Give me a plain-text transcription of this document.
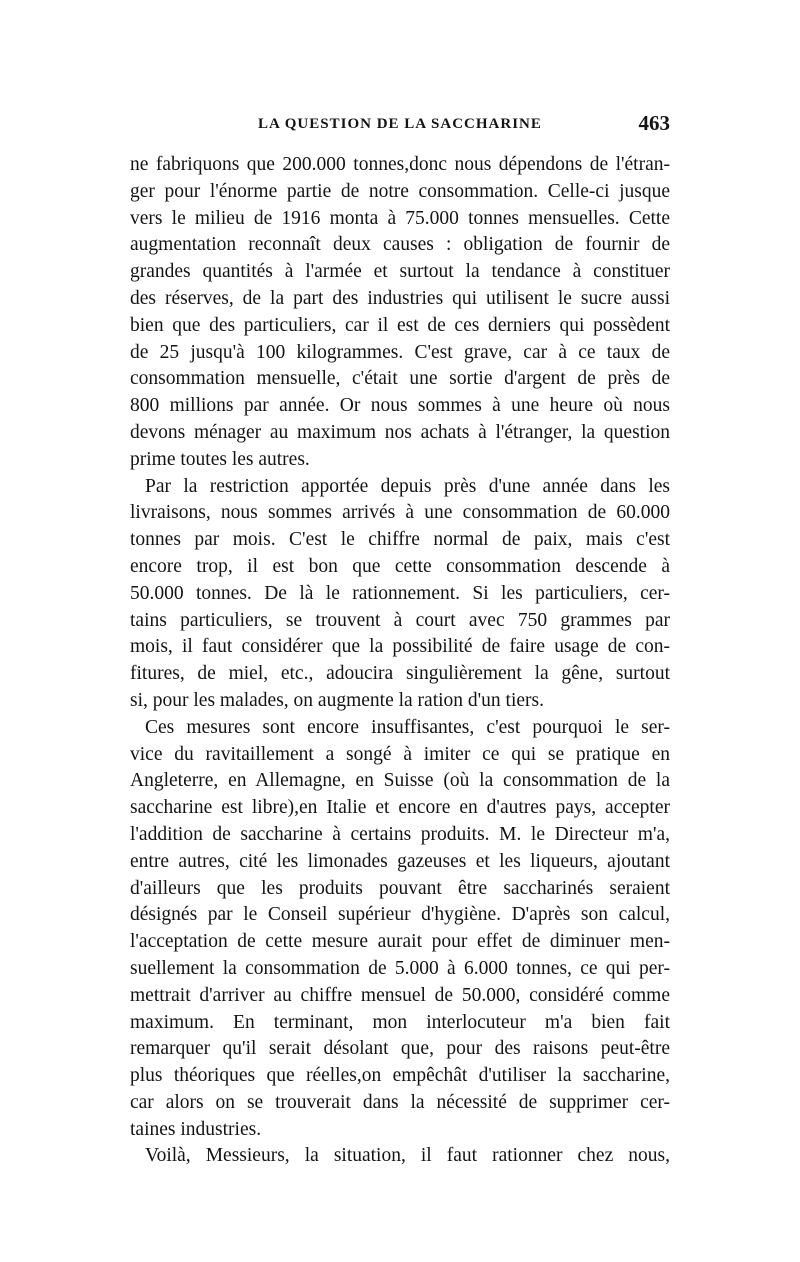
LA QUESTION DE LA SACCHARINE	463
ne fabriquons que 200.000 tonnes,donc nous dépendons de l'étran-
ger pour l'énorme partie de notre consommation. Celle-ci jusque
vers le milieu de 1916 monta à 75.000 tonnes mensuelles. Cette
augmentation reconnaît deux causes : obligation de fournir de
grandes quantités à l'armée et surtout la tendance à constituer
des réserves, de la part des industries qui utilisent le sucre aussi
bien que des particuliers, car il est de ces derniers qui possèdent
de 25 jusqu'à 100 kilogrammes. C'est grave, car à ce taux de
consommation mensuelle, c'était une sortie d'argent de près de
800 millions par année. Or nous sommes à une heure où nous
devons ménager au maximum nos achats à l'étranger, la question
prime toutes les autres.
Par la restriction apportée depuis près d'une année dans les
livraisons, nous sommes arrivés à une consommation de 60.000
tonnes par mois. C'est le chiffre normal de paix, mais c'est
encore trop, il est bon que cette consommation descende à
50.000 tonnes. De là le rationnement. Si les particuliers, cer-
tains particuliers, se trouvent à court avec 750 grammes par
mois, il faut considérer que la possibilité de faire usage de con-
fitures, de miel, etc., adoucira singulièrement la gêne, surtout
si, pour les malades, on augmente la ration d'un tiers.
Ces mesures sont encore insuffisantes, c'est pourquoi le ser-
vice du ravitaillement a songé à imiter ce qui se pratique en
Angleterre, en Allemagne, en Suisse (où la consommation de la
saccharine est libre),en Italie et encore en d'autres pays, accepter
l'addition de saccharine à certains produits. M. le Directeur m'a,
entre autres, cité les limonades gazeuses et les liqueurs, ajoutant
d'ailleurs que les produits pouvant être saccharinés seraient
désignés par le Conseil supérieur d'hygiène. D'après son calcul,
l'acceptation de cette mesure aurait pour effet de diminuer men-
suellement la consommation de 5.000 à 6.000 tonnes, ce qui per-
mettrait d'arriver au chiffre mensuel de 50.000, considéré comme
maximum. En terminant, mon interlocuteur m'a bien fait
remarquer qu'il serait désolant que, pour des raisons peut-être
plus théoriques que réelles,on empêchât d'utiliser la saccharine,
car alors on se trouverait dans la nécessité de supprimer cer-
taines industries.
Voilà, Messieurs, la situation, il faut rationner chez nous,
